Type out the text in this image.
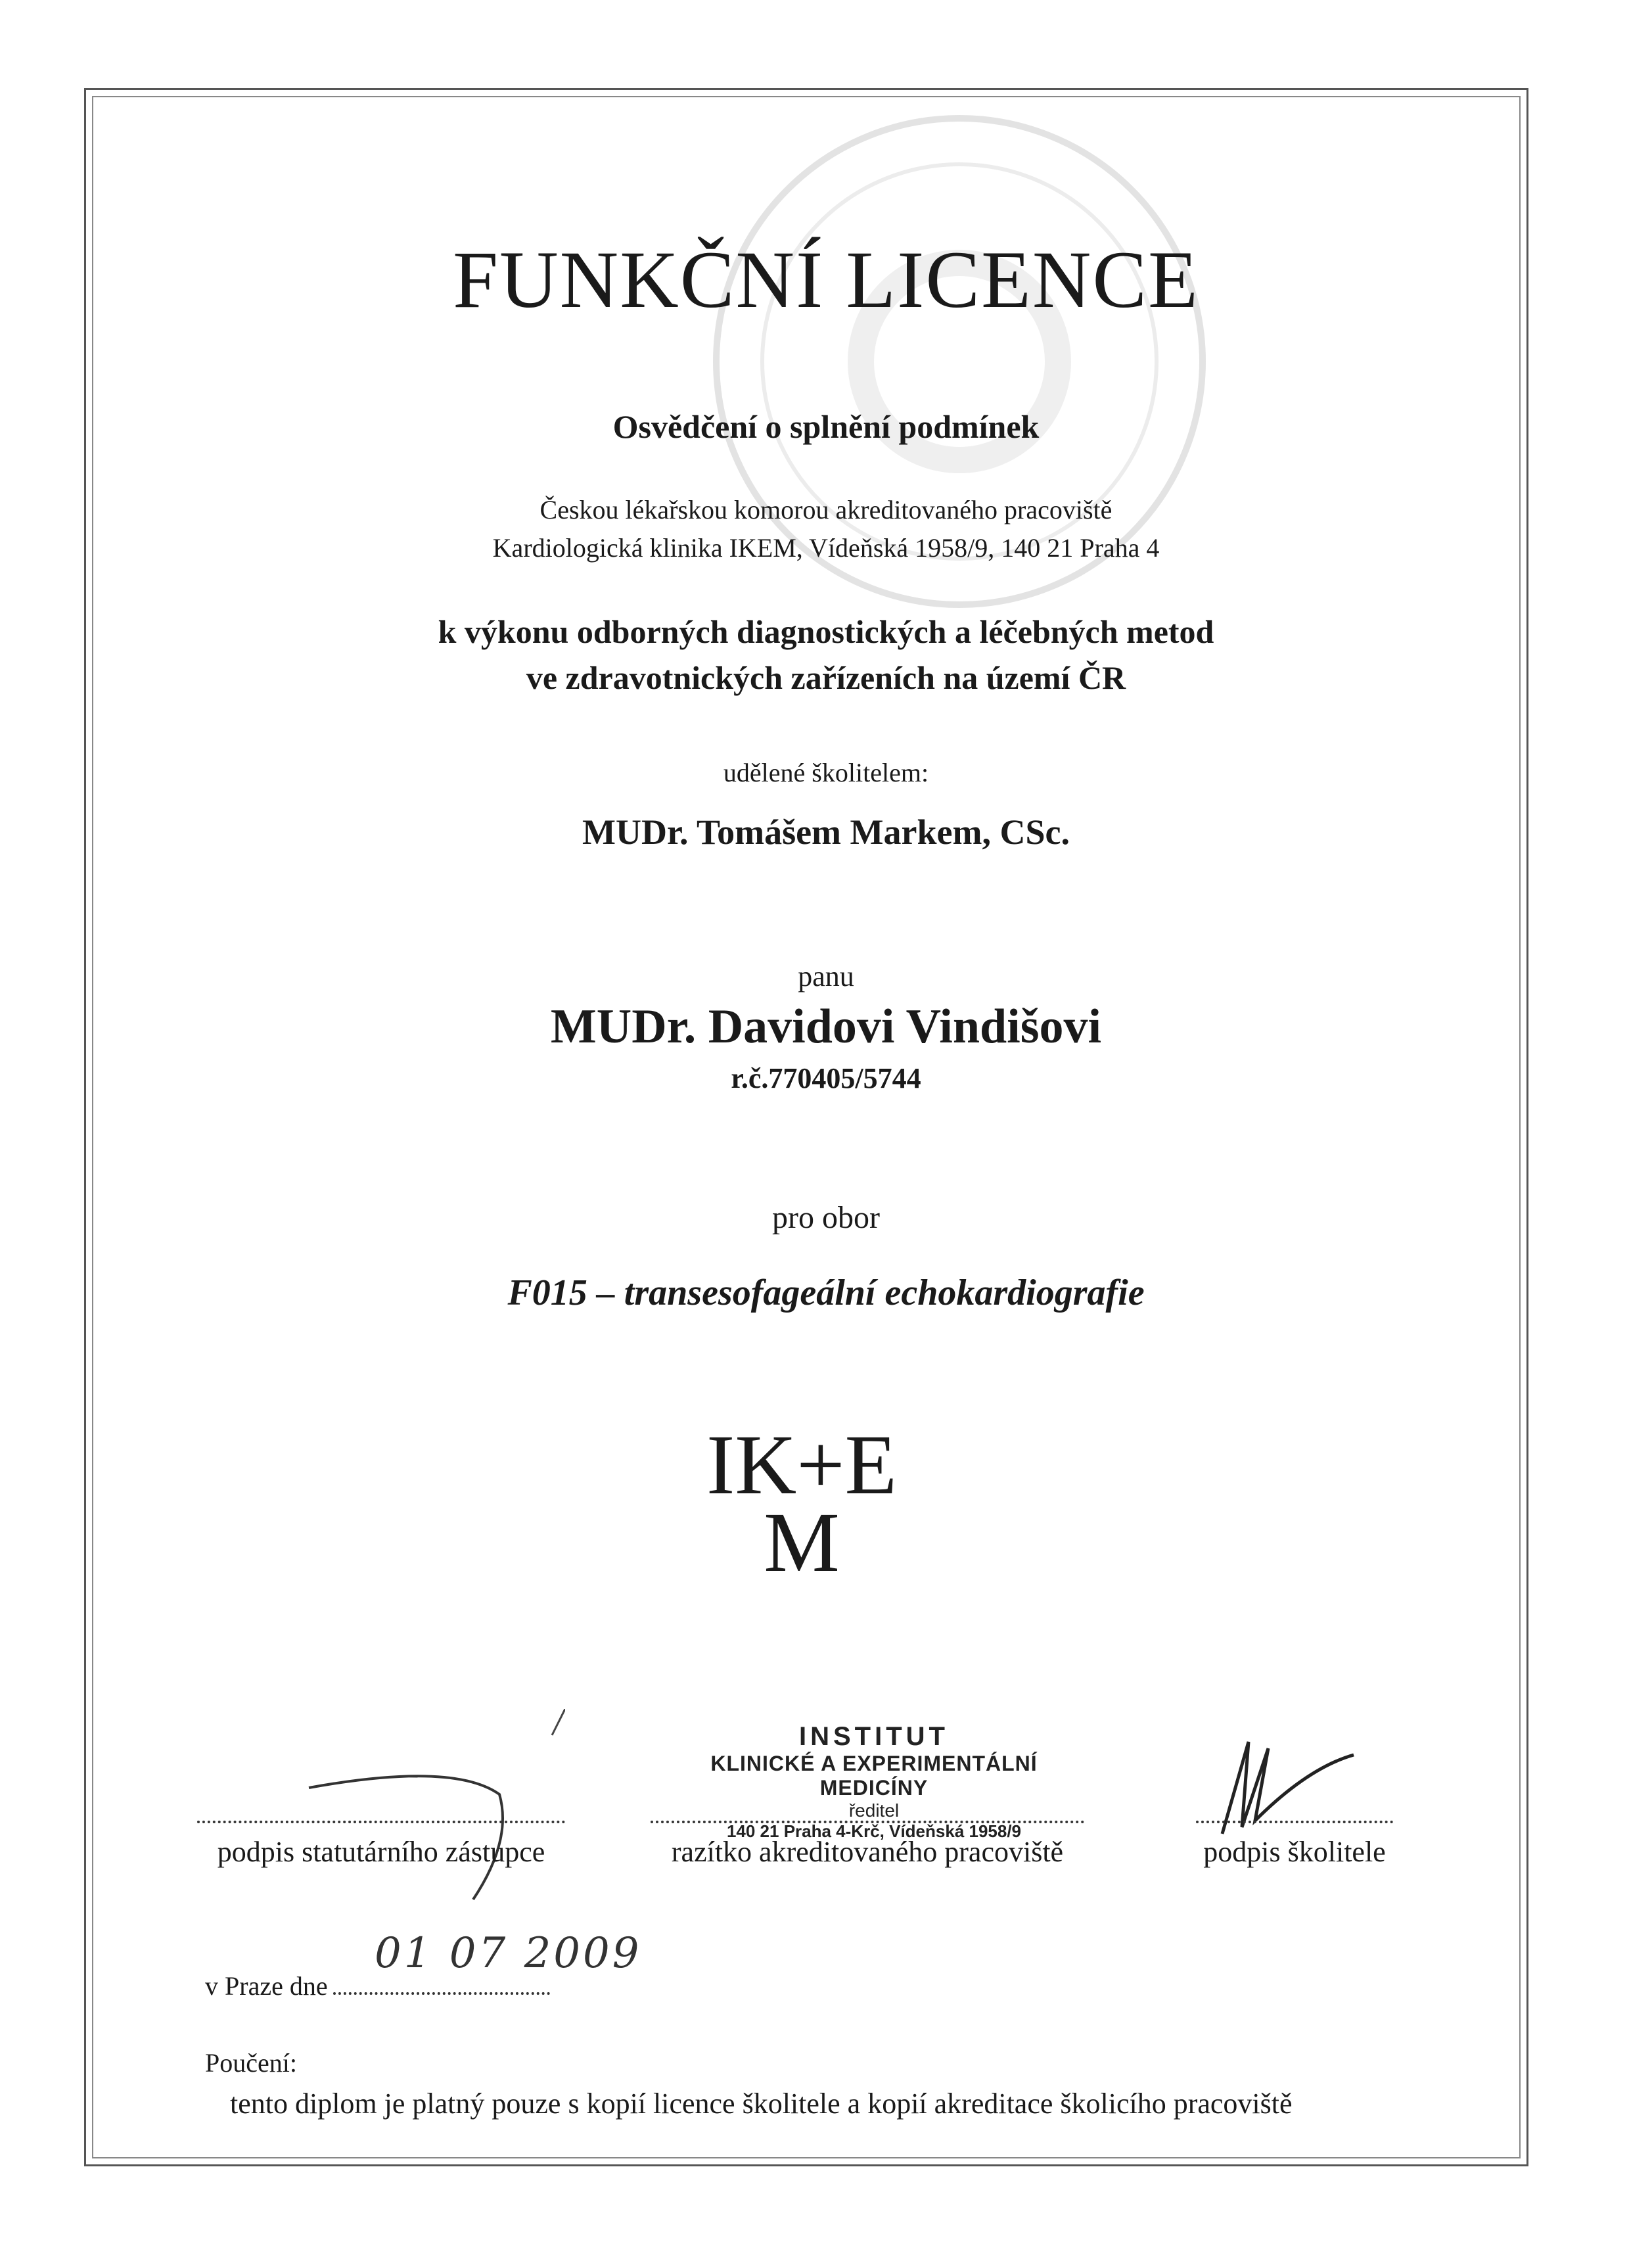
FUNKČNÍ LICENCE
Osvědčení o splnění podmínek
Českou lékařskou komorou akreditovaného pracoviště
Kardiologická klinika IKEM, Vídeňská 1958/9, 140 21 Praha 4
k výkonu odborných diagnostických a léčebných metod
ve zdravotnických zařízeních na území ČR
udělené školitelem:
MUDr. Tomášem Markem, CSc.
panu
MUDr. Davidovi Vindišovi
r.č.770405/5744
pro obor
F015 – transesofageální echokardiografie
IK+E
M
INSTITUT
KLINICKÉ A EXPERIMENTÁLNÍ MEDICÍNY
ředitel
140 21 Praha 4-Krč, Vídeňská 1958/9
podpis statutárního zástupce	razítko akreditovaného pracoviště	podpis školitele
v Praze dne
01 07 2009
Poučení:
tento diplom je platný pouze s kopií licence školitele a kopií akreditace školicího pracoviště
